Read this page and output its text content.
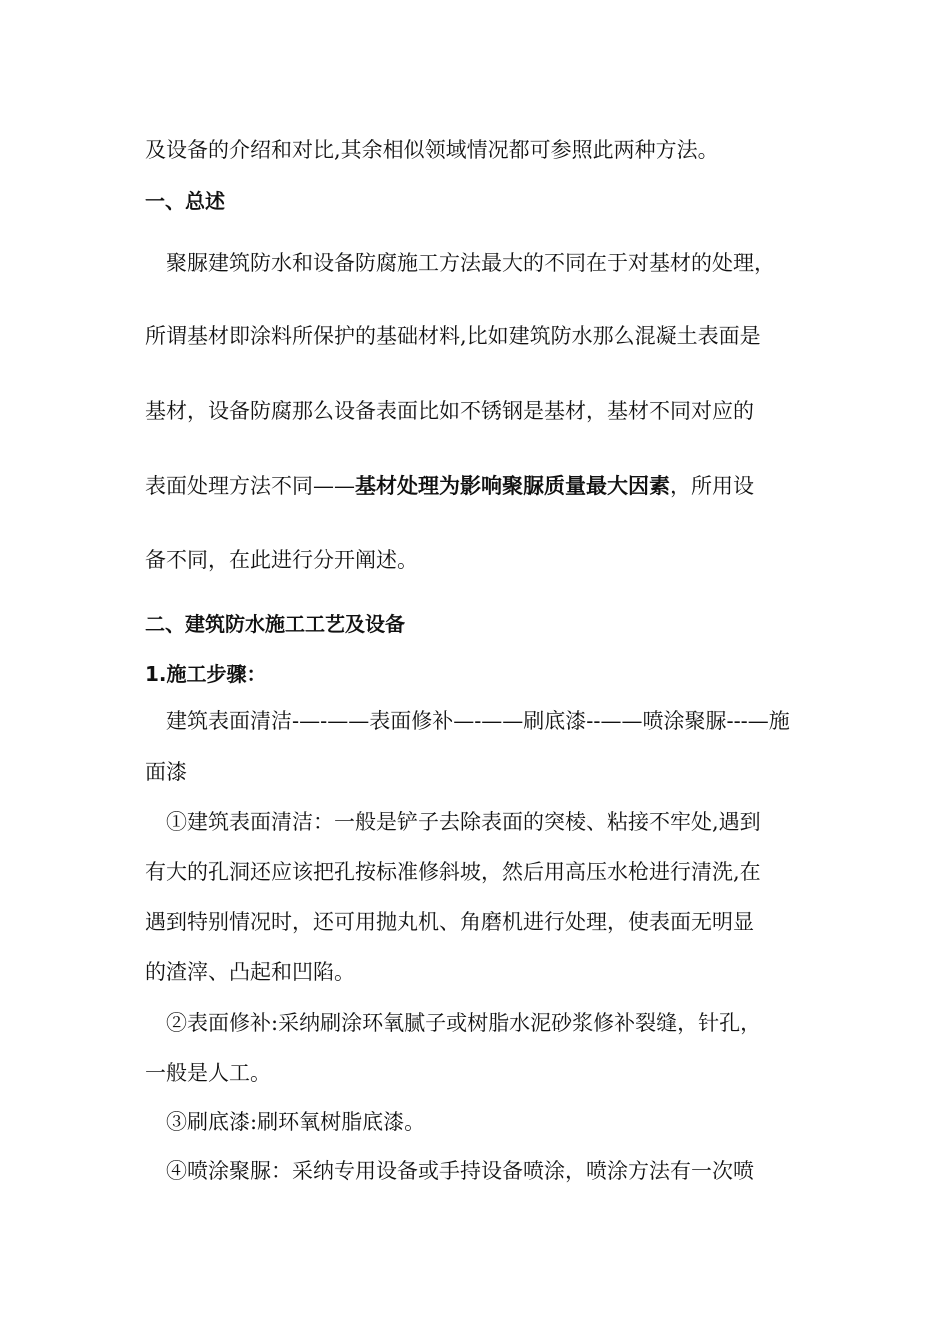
及设备的介绍和对比,其余相似领域情况都可参照此两种方法。
一、总述
聚脲建筑防水和设备防腐施工方法最大的不同在于对基材的处理，
所谓基材即涂料所保护的基础材料,比如建筑防水那么混凝土表面是
基材，设备防腐那么设备表面比如不锈钢是基材，基材不同对应的
表面处理方法不同——基材处理为影响聚脲质量最大因素，所用设
备不同，在此进行分开阐述。
二、建筑防水施工工艺及设备
1.施工步骤：
建筑表面清洁-—-——表面修补—-——刷底漆--——喷涂聚脲---—施
面漆
①建筑表面清洁：一般是铲子去除表面的突棱、粘接不牢处,遇到
有大的孔洞还应该把孔按标准修斜坡，然后用高压水枪进行清洗,在
遇到特别情况时，还可用抛丸机、角磨机进行处理，使表面无明显
的渣滓、凸起和凹陷。
②表面修补:采纳刷涂环氧腻子或树脂水泥砂浆修补裂缝，针孔，
一般是人工。
③刷底漆:刷环氧树脂底漆。
④喷涂聚脲：采纳专用设备或手持设备喷涂，喷涂方法有一次喷
